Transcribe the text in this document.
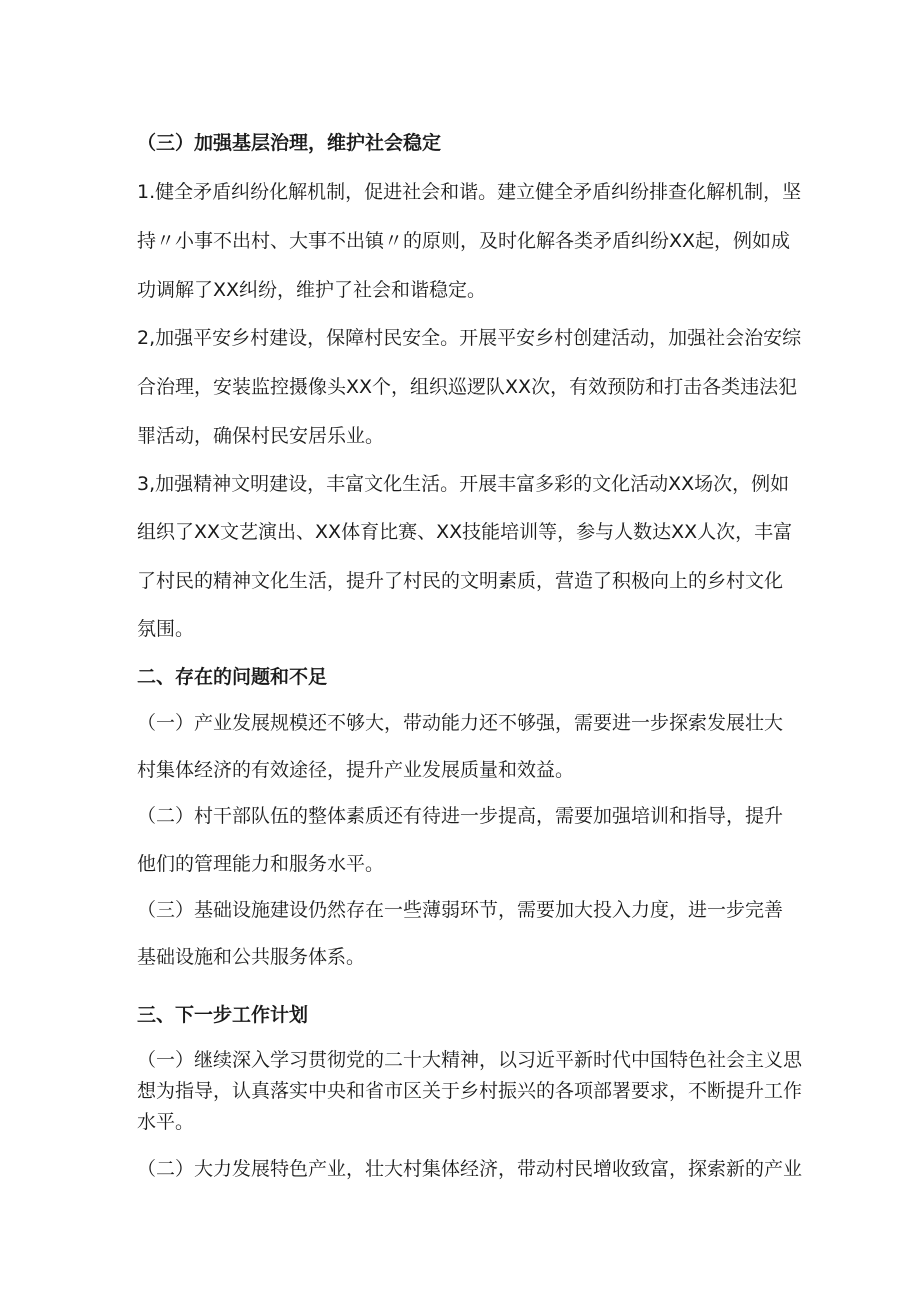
（三）加强基层治理，维护社会稳定
1.健全矛盾纠纷化解机制，促进社会和谐。建立健全矛盾纠纷排查化解机制，坚
持〃小事不出村、大事不出镇〃的原则，及时化解各类矛盾纠纷XX起，例如成
功调解了XX纠纷，维护了社会和谐稳定。
2,加强平安乡村建设，保障村民安全。开展平安乡村创建活动，加强社会治安综
合治理，安装监控摄像头XX个，组织巡逻队XX次，有效预防和打击各类违法犯
罪活动，确保村民安居乐业。
3,加强精神文明建设，丰富文化生活。开展丰富多彩的文化活动XX场次，例如
组织了XX文艺演出、XX体育比赛、XX技能培训等，参与人数达XX人次，丰富
了村民的精神文化生活，提升了村民的文明素质，营造了积极向上的乡村文化
氛围。
二、存在的问题和不足
（一）产业发展规模还不够大，带动能力还不够强，需要进一步探索发展壮大
村集体经济的有效途径，提升产业发展质量和效益。
（二）村干部队伍的整体素质还有待进一步提高，需要加强培训和指导，提升
他们的管理能力和服务水平。
（三）基础设施建设仍然存在一些薄弱环节，需要加大投入力度，进一步完善
基础设施和公共服务体系。
三、下一步工作计划
（一）继续深入学习贯彻党的二十大精神，以习近平新时代中国特色社会主义思
想为指导，认真落实中央和省市区关于乡村振兴的各项部署要求，不断提升工作
水平。
（二）大力发展特色产业，壮大村集体经济，带动村民增收致富，探索新的产业
